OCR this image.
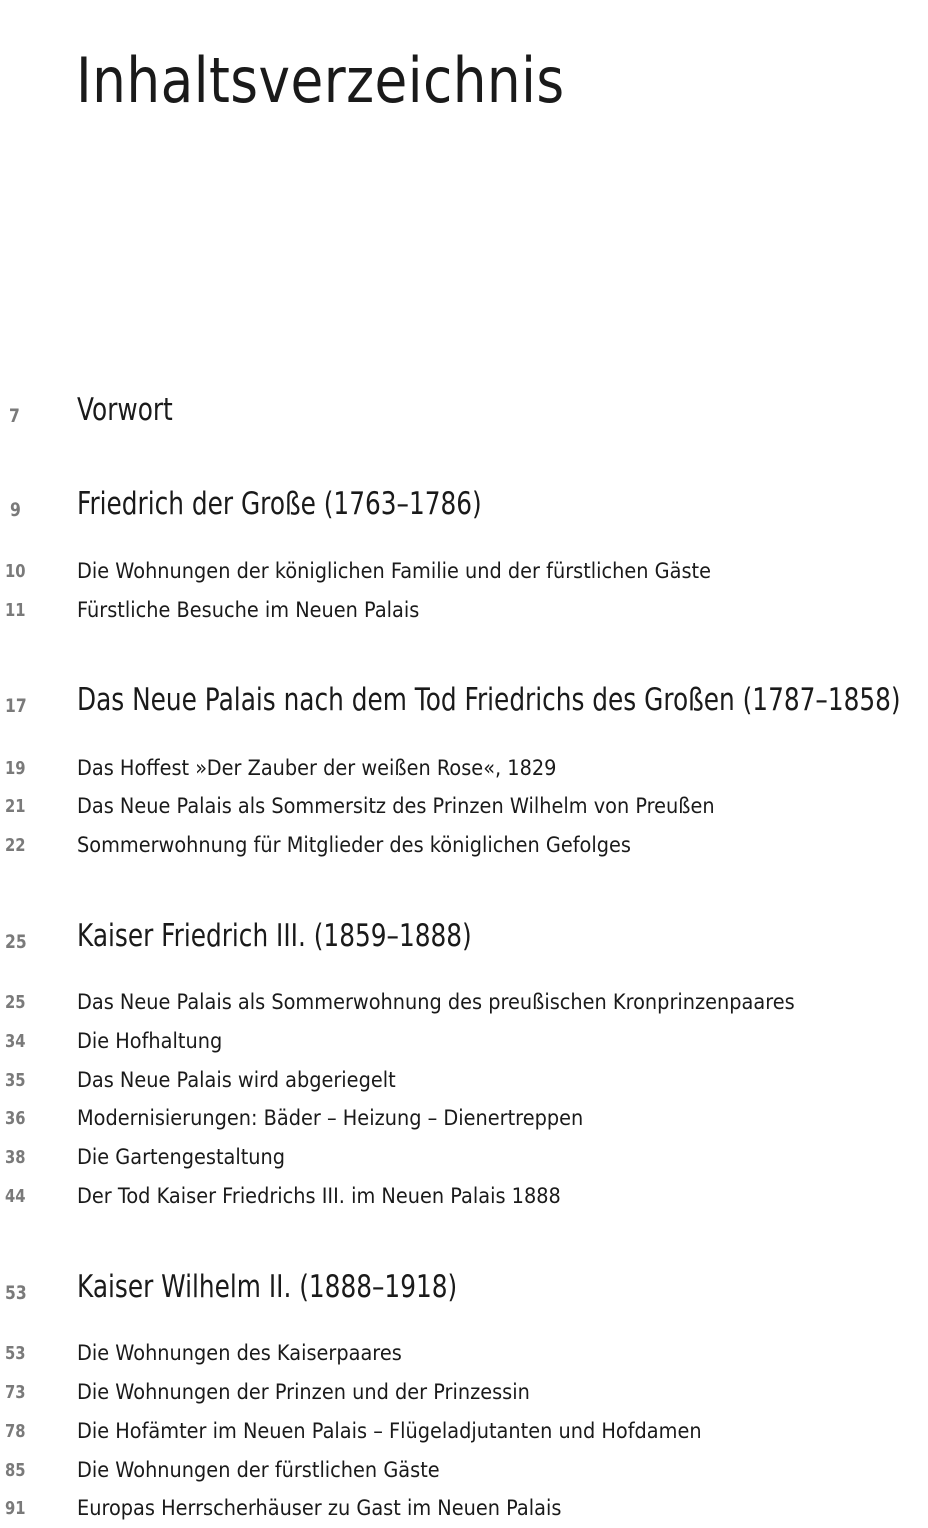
Inhaltsverzeichnis
7 Vorwort
9 Friedrich der Große (1763–1786)
10 Die Wohnungen der königlichen Familie und der fürstlichen Gäste
11 Fürstliche Besuche im Neuen Palais
17 Das Neue Palais nach dem Tod Friedrichs des Großen (1787–1858)
19 Das Hoffest »Der Zauber der weißen Rose«, 1829
21 Das Neue Palais als Sommersitz des Prinzen Wilhelm von Preußen
22 Sommerwohnung für Mitglieder des königlichen Gefolges
25 Kaiser Friedrich III. (1859–1888)
25 Das Neue Palais als Sommerwohnung des preußischen Kronprinzenpaares
34 Die Hofhaltung
35 Das Neue Palais wird abgeriegelt
36 Modernisierungen: Bäder – Heizung – Dienertreppen
38 Die Gartengestaltung
44 Der Tod Kaiser Friedrichs III. im Neuen Palais 1888
53 Kaiser Wilhelm II. (1888–1918)
53 Die Wohnungen des Kaiserpaares
73 Die Wohnungen der Prinzen und der Prinzessin
78 Die Hofämter im Neuen Palais – Flügeladjutanten und Hofdamen
85 Die Wohnungen der fürstlichen Gäste
91 Europas Herrscherhäuser zu Gast im Neuen Palais
